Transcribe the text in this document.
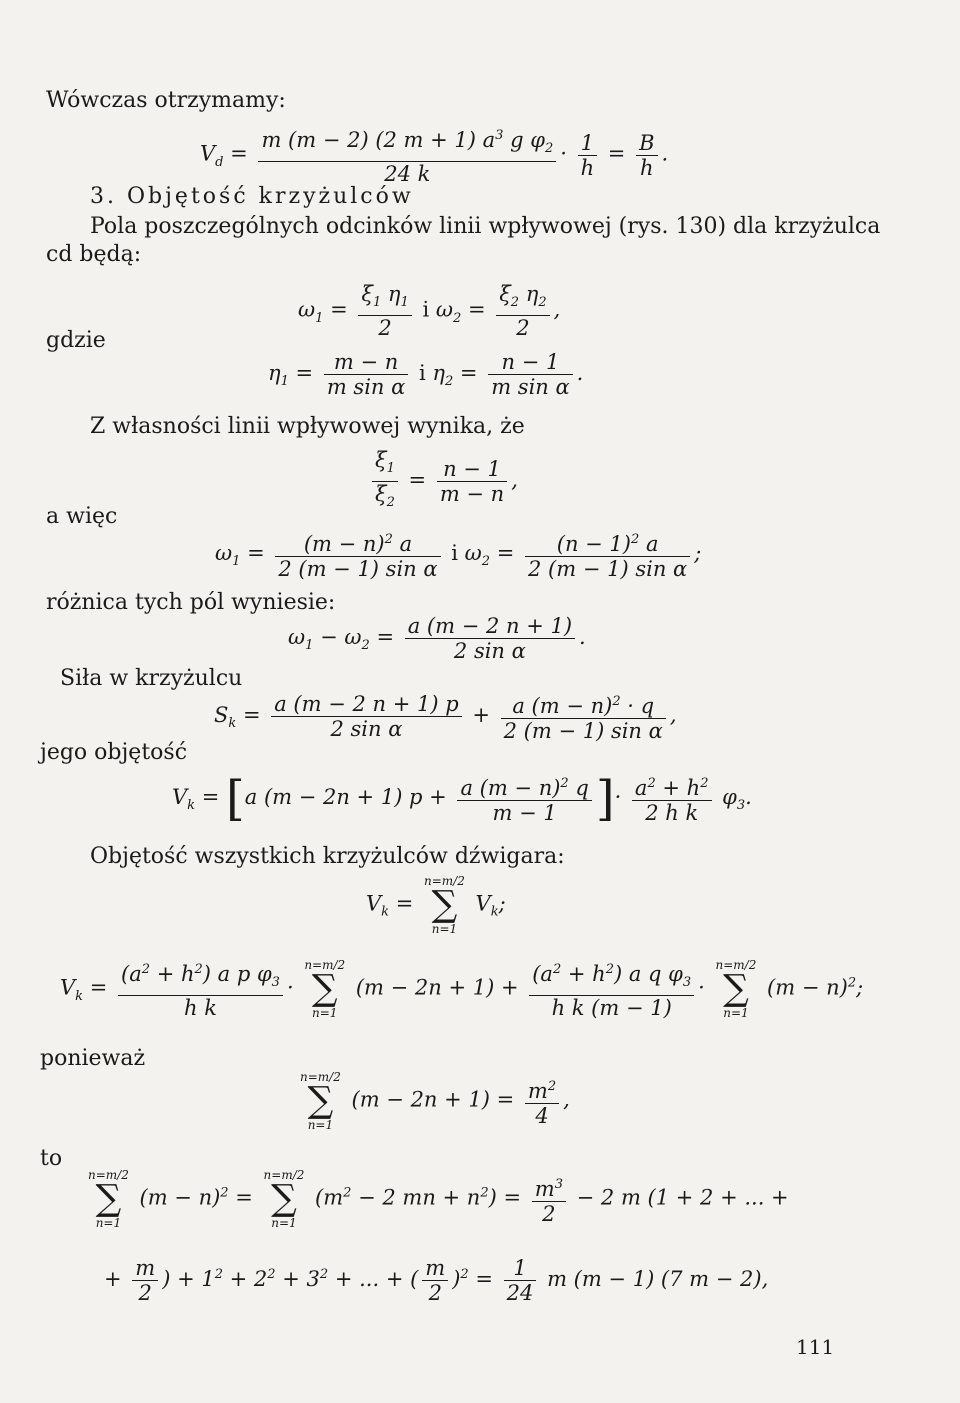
Wówczas otrzymamy:
$V_d = \frac{m (m - 2) (2 m + 1) a^3 g \varphi_2}{24 k} \cdot \frac{1}{h} = \frac{B}{h}$ .
3. Objętość krzyżulców
Pola poszczególnych odcinków linii wpływowej (rys. 130) dla krzyżulca
cd będą:
$\omega_1 = \frac{\xi_1 \eta_1}{2}$ i $\omega_2 = \frac{\xi_2 \eta_2}{2}$ ,
gdzie
$\eta_1 = \frac{m - n}{\text{m sin α}}$ i $\eta_2 = \frac{n - 1}{\text{m sin α}}$ .
Z własności linii wpływowej wynika, że
$\frac{\xi_1}{\xi_2} = \frac{n - 1}{m - n}$ ,
a więc
$\omega_1 = \frac{(m - n)^2 a}{\text{2 (m − 1) sin α}}$ i $\omega_2 = \frac{(n - 1)^2 a}{\text{2 (m − 1) sin α}}$ ;
różnica tych pól wyniesie:
$\omega_1 - \omega_2 = \frac{a (m - 2 n + 1)}{\text{2 sin α}}$ .
Siła w krzyżulcu
$S_k = \frac{a (m - 2 n + 1) p}{\text{2 sin α}} + \frac{a (m - n)^2 \cdot q}{\text{2 (m − 1) sin α}}$ ,
jego objętość
$V_k = [a$ (m − 2n + 1) $p + \frac{a (m - n)^2 q}{m - 1}$ ]· $\frac{a^2 + h^2}{\text{2 h k}} \varphi_3$.
Objętość wszystkich krzyżulców dźwigara:
$V_k$ =
n=m/2
∑
n=1
$V_k$;
$V_k = \frac{(a^2 + h^2) a p \varphi_3}{\text{h k}}$ ·
n=m/2
∑
n=1
$(m - 2n + 1) + \frac{(a^2 + h^2) a q \varphi_3}{\text{h k (m − 1)}}$ ·
n=m/2
∑
n=1
$(m - n)^2$;
ponieważ
n=m/2
∑
n=1
$(m - 2n + 1) = \frac{m^2}{4}$ ,
to
n=m/2
∑
n=1
$(m - n)^2$ =
n=m/2
∑
n=1
($m^2 - 2$ mn + $n^2) = \frac{m^3}{2} - 2$ m (1 + 2 + ... +
+ $\frac{m}{2}$ ) + $1^2 + 2^2 + 3^2$ + ... + ( $\frac{m}{2} )^2 = \frac{1}{24}$ m (m − 1) (7 m − 2),
111
